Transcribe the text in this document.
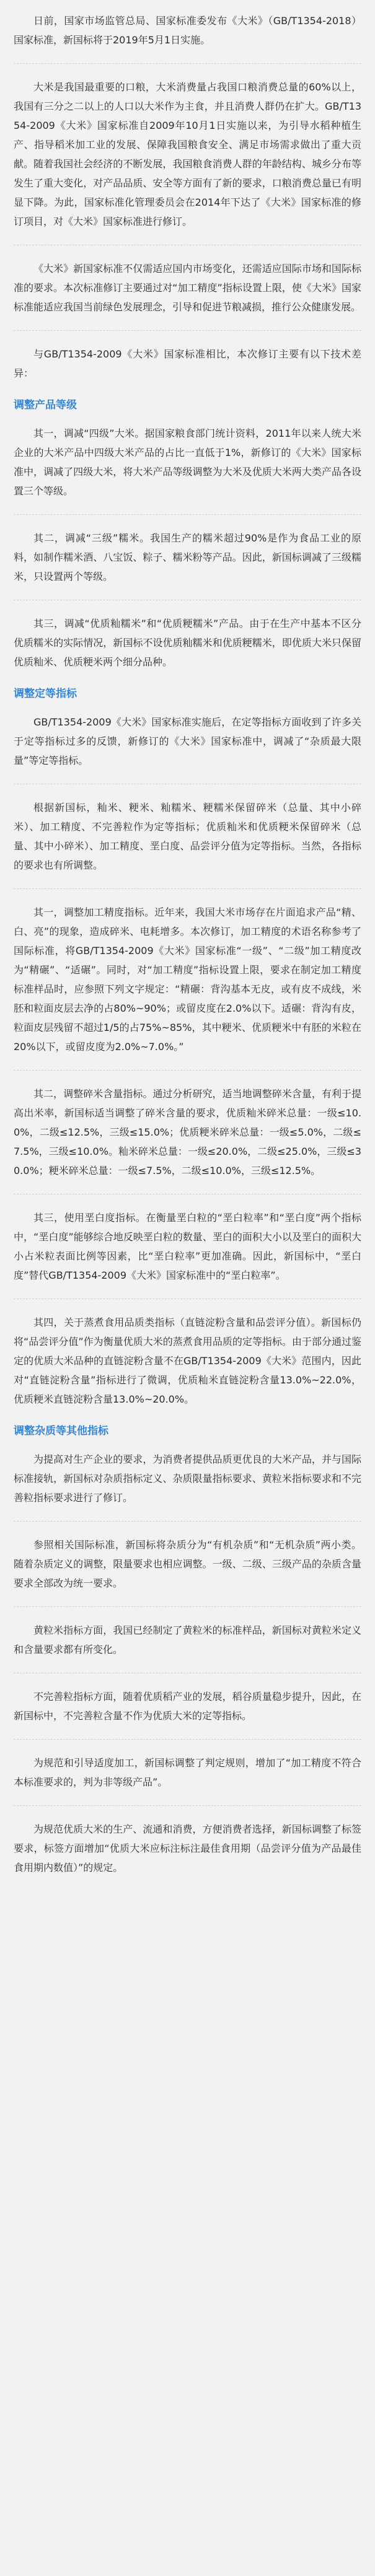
日前，国家市场监管总局、国家标准委发布《大米》（GB/T1354-2018）国家标准，新国标将于2019年5月1日实施。

大米是我国最重要的口粮，大米消费量占我国口粮消费总量的60%以上，我国有三分之二以上的人口以大米作为主食，并且消费人群仍在扩大。GB/T1354-2009《大米》国家标准自2009年10月1日实施以来，为引导水稻种植生产、指导稻米加工业的发展、保障我国粮食安全、满足市场需求做出了重大贡献。随着我国社会经济的不断发展，我国粮食消费人群的年龄结构、城乡分布等发生了重大变化，对产品品质、安全等方面有了新的要求，口粮消费总量已有明显下降。为此，国家标准化管理委员会在2014年下达了《大米》国家标准的修订项目，对《大米》国家标准进行修订。

《大米》新国家标准不仅需适应国内市场变化，还需适应国际市场和国际标准的要求。本次标准修订主要通过对“加工精度”指标设置上限，使《大米》国家标准能适应我国当前绿色发展理念，引导和促进节粮减损，推行公众健康发展。

与GB/T1354-2009《大米》国家标准相比，本次修订主要有以下技术差异：

调整产品等级

其一，调减“四级”大米。据国家粮食部门统计资料，2011年以来人统大米企业的大米产品中四级大米产品的占比一直低于1%，新修订的《大米》国家标准中，调减了四级大米，将大米产品等级调整为大米及优质大米两大类产品各设置三个等级。

其二，调减“三级”糯米。我国生产的糯米超过90%是作为食品工业的原料，如制作糯米酒、八宝饭、粽子、糯米粉等产品。因此，新国标调减了三级糯米，只设置两个等级。

其三，调减“优质籼糯米”和“优质粳糯米”产品。由于在生产中基本不区分优质糯米的实际情况，新国标不设优质籼糯米和优质粳糯米，即优质大米只保留优质籼米、优质粳米两个细分品种。

调整定等指标

GB/T1354-2009《大米》国家标准实施后，在定等指标方面收到了许多关于定等指标过多的反馈，新修订的《大米》国家标准中，调减了“杂质最大限量”等定等指标。

根据新国标，籼米、粳米、籼糯米、粳糯米保留碎米（总量、其中小碎米）、加工精度、不完善粒作为定等指标；优质籼米和优质粳米保留碎米（总量、其中小碎米）、加工精度、垩白度、品尝评分值为定等指标。当然，各指标的要求也有所调整。

其一，调整加工精度指标。近年来，我国大米市场存在片面追求产品“精、白、亮”的现象，造成碎米、电耗增多。本次修订，加工精度的术语名称参考了国际标准，将GB/T1354-2009《大米》国家标准“一级”、“二级”加工精度改为“精碾”、“适碾”。同时，对“加工精度”指标设置上限，要求在制定加工精度标准样品时，应参照下列文字规定：“精碾：背沟基本无皮，或有皮不成线，米胚和粒面皮层去净的占80%~90%；或留皮度在2.0%以下。适碾：背沟有皮，粒面皮层残留不超过1/5的占75%~85%，其中粳米、优质粳米中有胚的米粒在20%以下，或留皮度为2.0%~7.0%。”

其二，调整碎米含量指标。通过分析研究，适当地调整碎米含量，有利于提高出米率，新国标适当调整了碎米含量的要求，优质籼米碎米总量：一级≤10.0%，二级≤12.5%，三级≤15.0%；优质粳米碎米总量：一级≤5.0%，二级≤7.5%，三级≤10.0%。籼米碎米总量：一级≤20.0%，二级≤25.0%，三级≤30.0%；粳米碎米总量：一级≤7.5%，二级≤10.0%，三级≤12.5%。

其三，使用垩白度指标。在衡量垩白粒的“垩白粒率”和“垩白度”两个指标中，“垩白度”能够综合地反映垩白粒的数量、垩白的面积大小以及垩白的面积大小占米粒表面比例等因素，比“垩白粒率”更加准确。因此，新国标中，“垩白度”替代GB/T1354-2009《大米》国家标准中的“垩白粒率”。

其四，关于蒸煮食用品质类指标（直链淀粉含量和品尝评分值）。新国标仍将“品尝评分值”作为衡量优质大米的蒸煮食用品质的定等指标。由于部分通过鉴定的优质大米品种的直链淀粉含量不在GB/T1354-2009《大米》范围内，因此对“直链淀粉含量”指标进行了微调，优质籼米直链淀粉含量13.0%~22.0%，优质粳米直链淀粉含量13.0%~20.0%。

调整杂质等其他指标

为提高对生产企业的要求，为消费者提供品质更优良的大米产品，并与国际标准接轨，新国标对杂质指标定义、杂质限量指标要求、黄粒米指标要求和不完善粒指标要求进行了修订。

参照相关国际标准，新国标将杂质分为“有机杂质”和“无机杂质”两小类。随着杂质定义的调整，限量要求也相应调整。一级、二级、三级产品的杂质含量要求全部改为统一要求。

黄粒米指标方面，我国已经制定了黄粒米的标准样品，新国标对黄粒米定义和含量要求都有所变化。

不完善粒指标方面，随着优质稻产业的发展，稻谷质量稳步提升，因此，在新国标中，不完善粒含量不作为优质大米的定等指标。

为规范和引导适度加工，新国标调整了判定规则，增加了“加工精度不符合本标准要求的，判为非等级产品”。

为规范优质大米的生产、流通和消费，方便消费者选择，新国标调整了标签要求，标签方面增加“优质大米应标注标注最佳食用期（品尝评分值为产品最佳食用期内数值）”的规定。
